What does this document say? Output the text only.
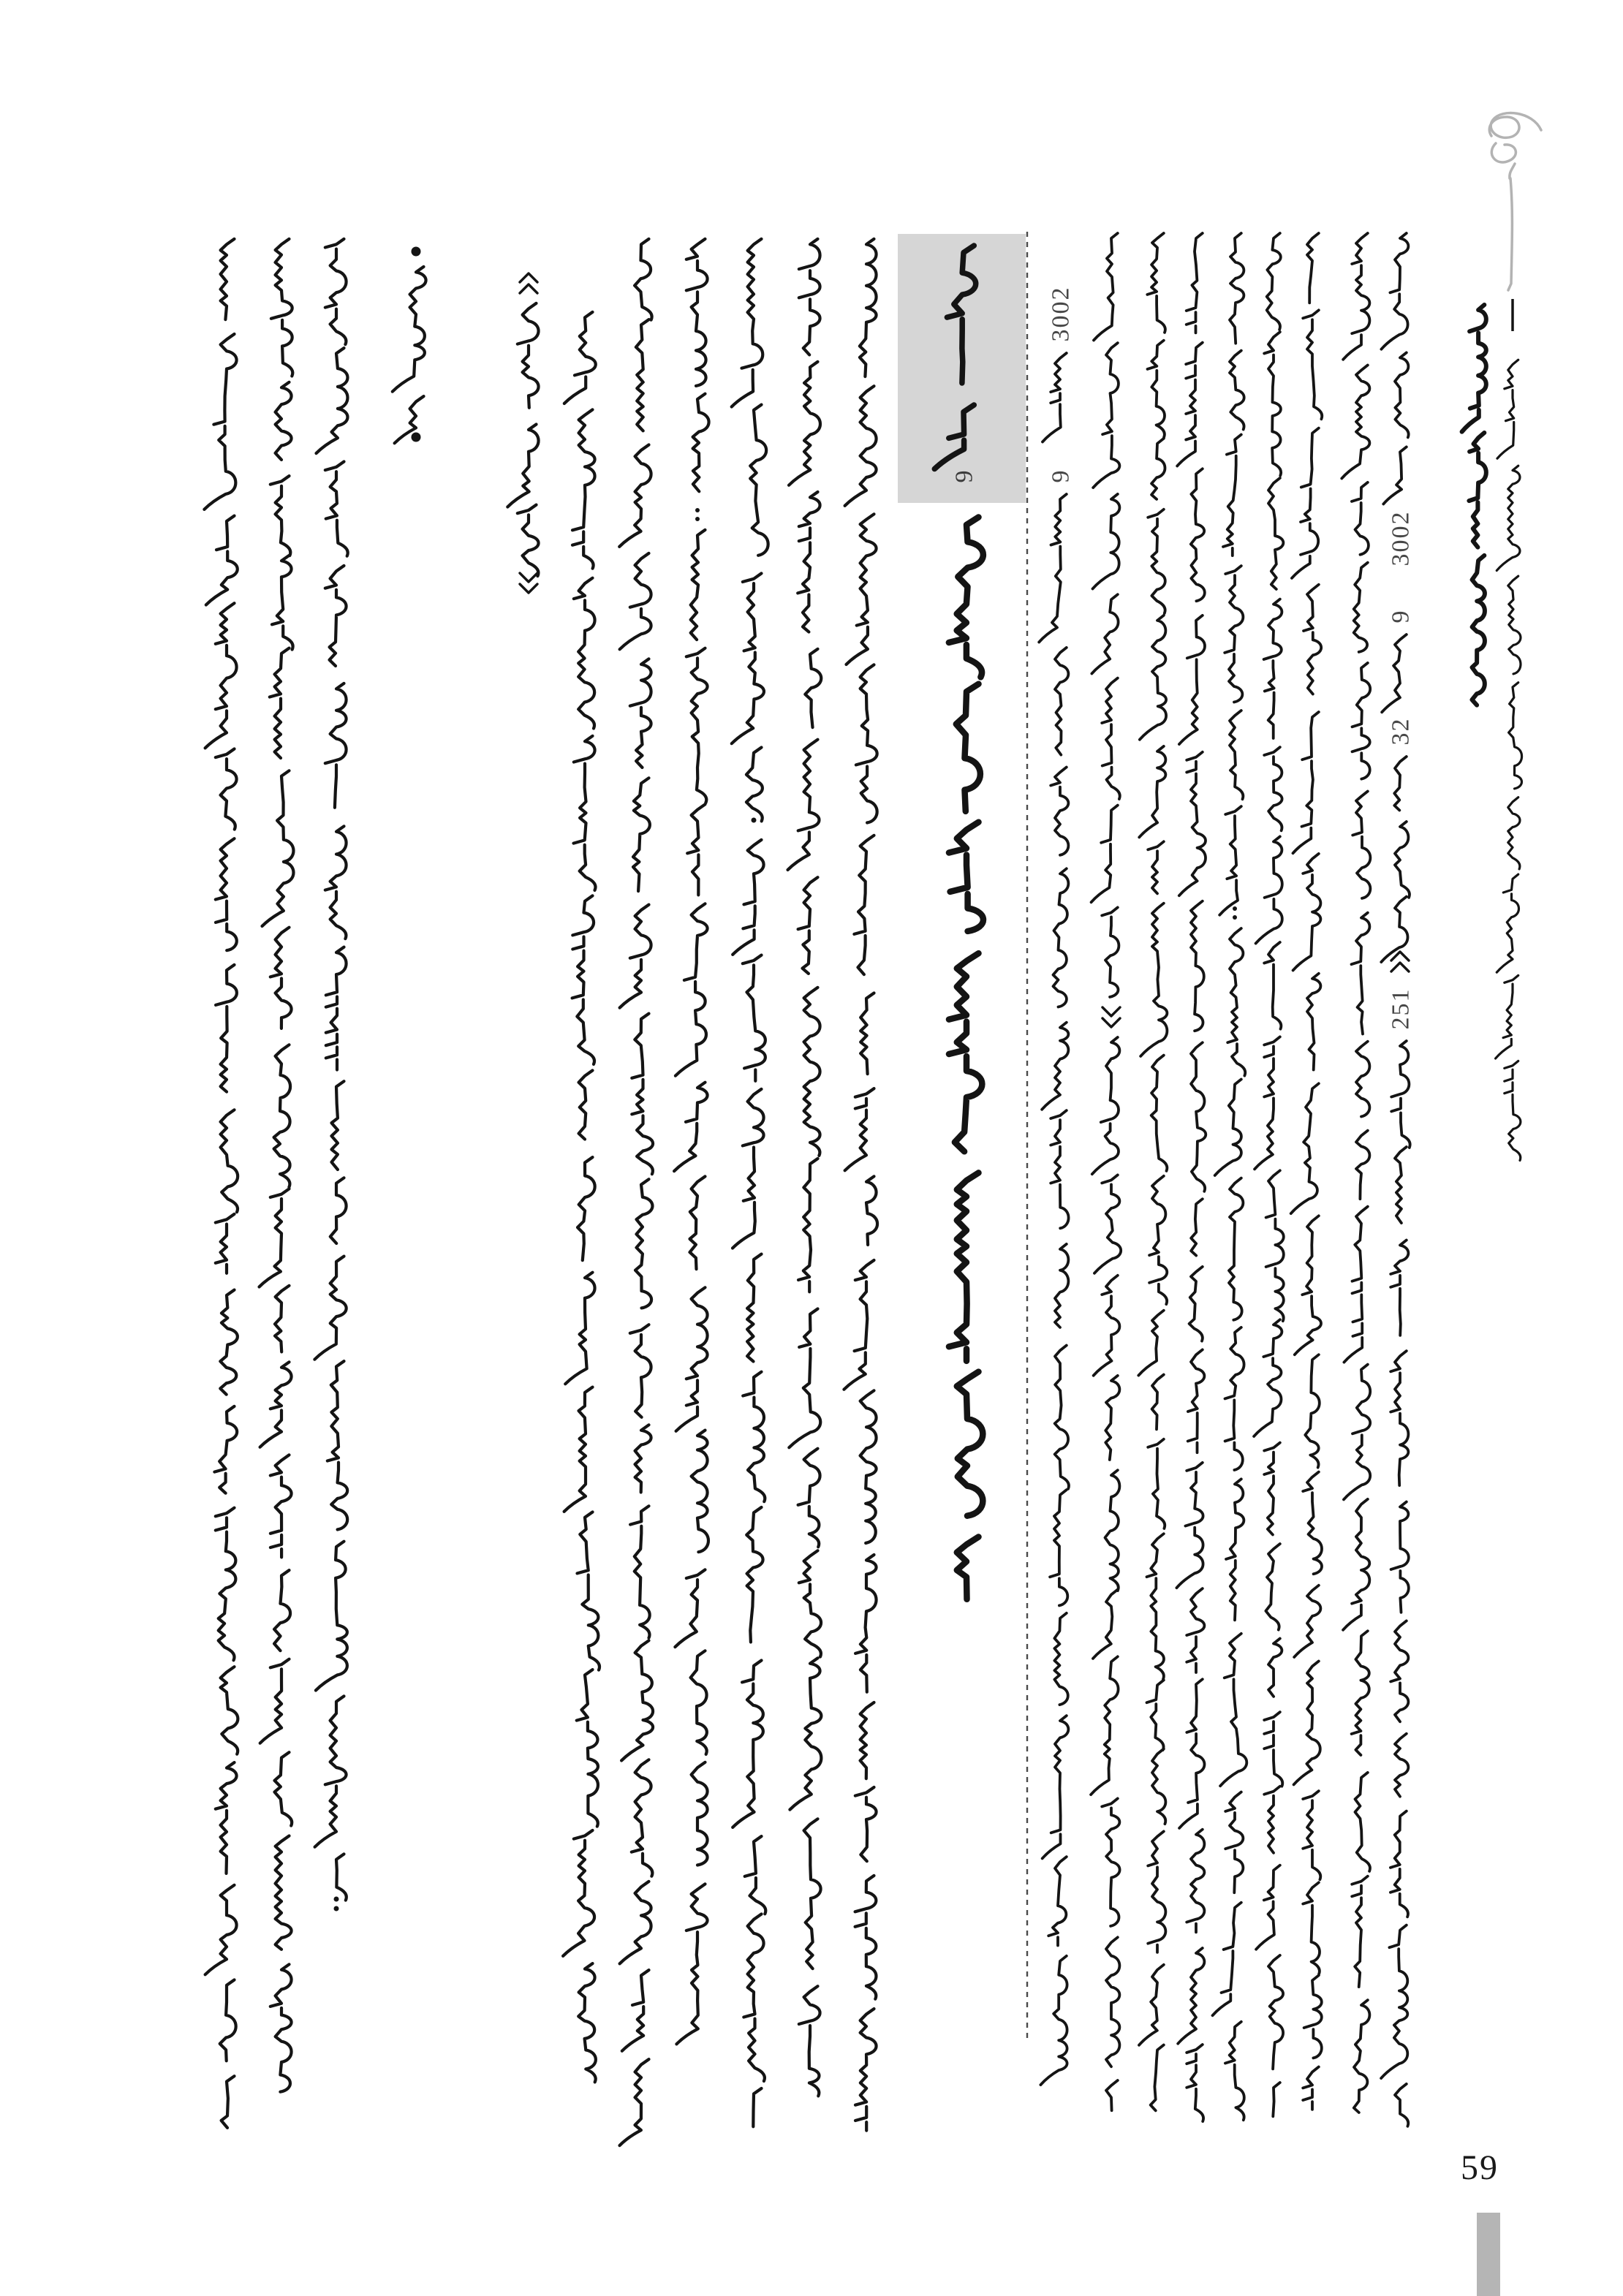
2
0
0
3
9
2
3
1
5
2
2
0
0
3
9
9
59
